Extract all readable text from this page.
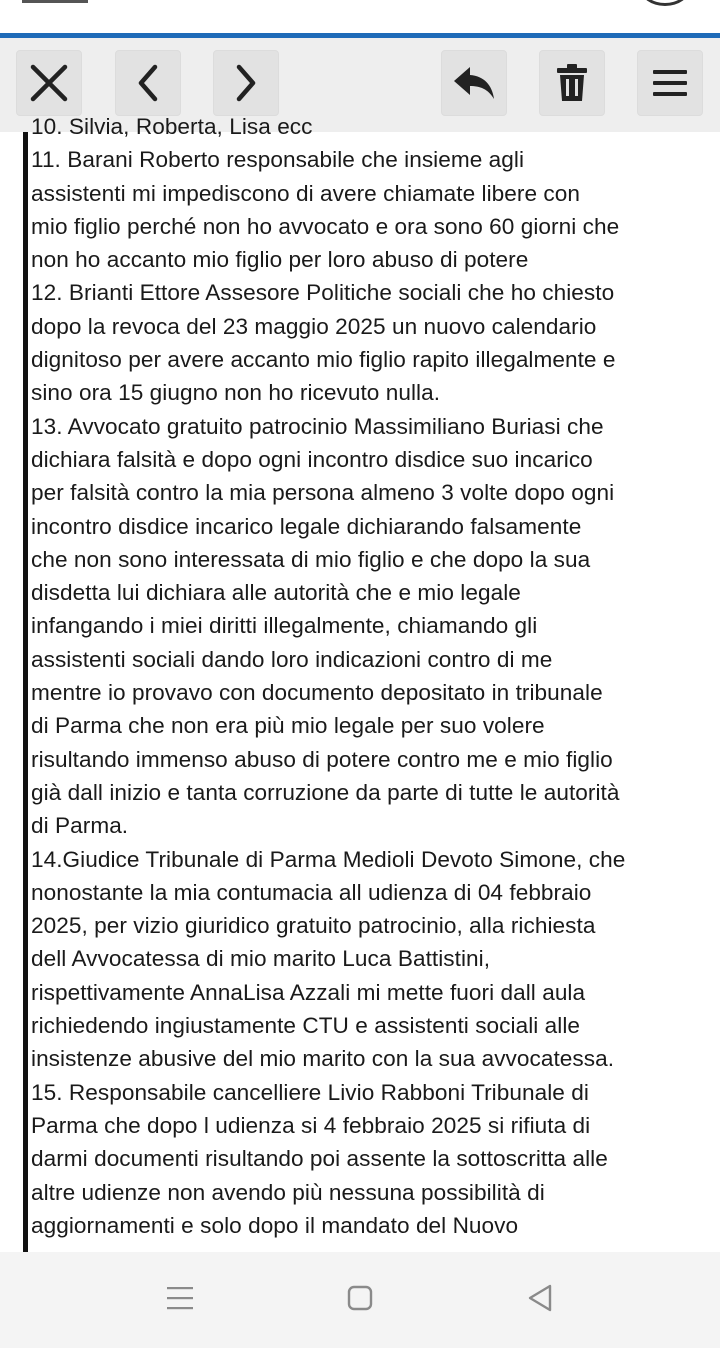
10. Silvia, Roberta, Lisa ecc
11. Barani Roberto responsabile che insieme agli
assistenti mi impediscono di avere chiamate libere con
mio figlio perché non ho avvocato e ora sono 60 giorni che
non ho accanto mio figlio per loro abuso di potere
12. Brianti Ettore Assesore Politiche sociali che ho chiesto
dopo la revoca del 23 maggio 2025 un nuovo calendario
dignitoso per avere accanto mio figlio rapito illegalmente e
sino ora 15 giugno non ho ricevuto nulla.
13. Avvocato gratuito patrocinio Massimiliano Buriasi che
dichiara falsità e dopo ogni incontro disdice suo incarico
per falsità contro la mia persona almeno 3 volte dopo ogni
incontro disdice incarico legale dichiarando falsamente
che non sono interessata di mio figlio e che dopo la sua
disdetta lui dichiara alle autorità che e mio legale
infangando i miei diritti illegalmente, chiamando gli
assistenti sociali dando loro indicazioni contro di me
mentre io provavo con documento depositato in tribunale
di Parma che non era più mio legale per suo volere
risultando immenso abuso di potere contro me e mio figlio
già dall inizio e tanta corruzione da parte di tutte le autorità
di Parma.
14.Giudice Tribunale di Parma Medioli Devoto Simone, che
nonostante la mia contumacia all udienza di 04 febbraio
2025, per vizio giuridico gratuito patrocinio, alla richiesta
dell Avvocatessa di mio marito Luca Battistini,
rispettivamente AnnaLisa Azzali mi mette fuori dall aula
richiedendo ingiustamente CTU e assistenti sociali alle
insistenze abusive del mio marito con la sua avvocatessa.
15. Responsabile cancelliere Livio Rabboni Tribunale di
Parma che dopo l udienza si 4 febbraio 2025 si rifiuta di
darmi documenti risultando poi assente la sottoscritta alle
altre udienze non avendo più nessuna possibilità di
aggiornamenti e solo dopo il mandato del Nuovo
